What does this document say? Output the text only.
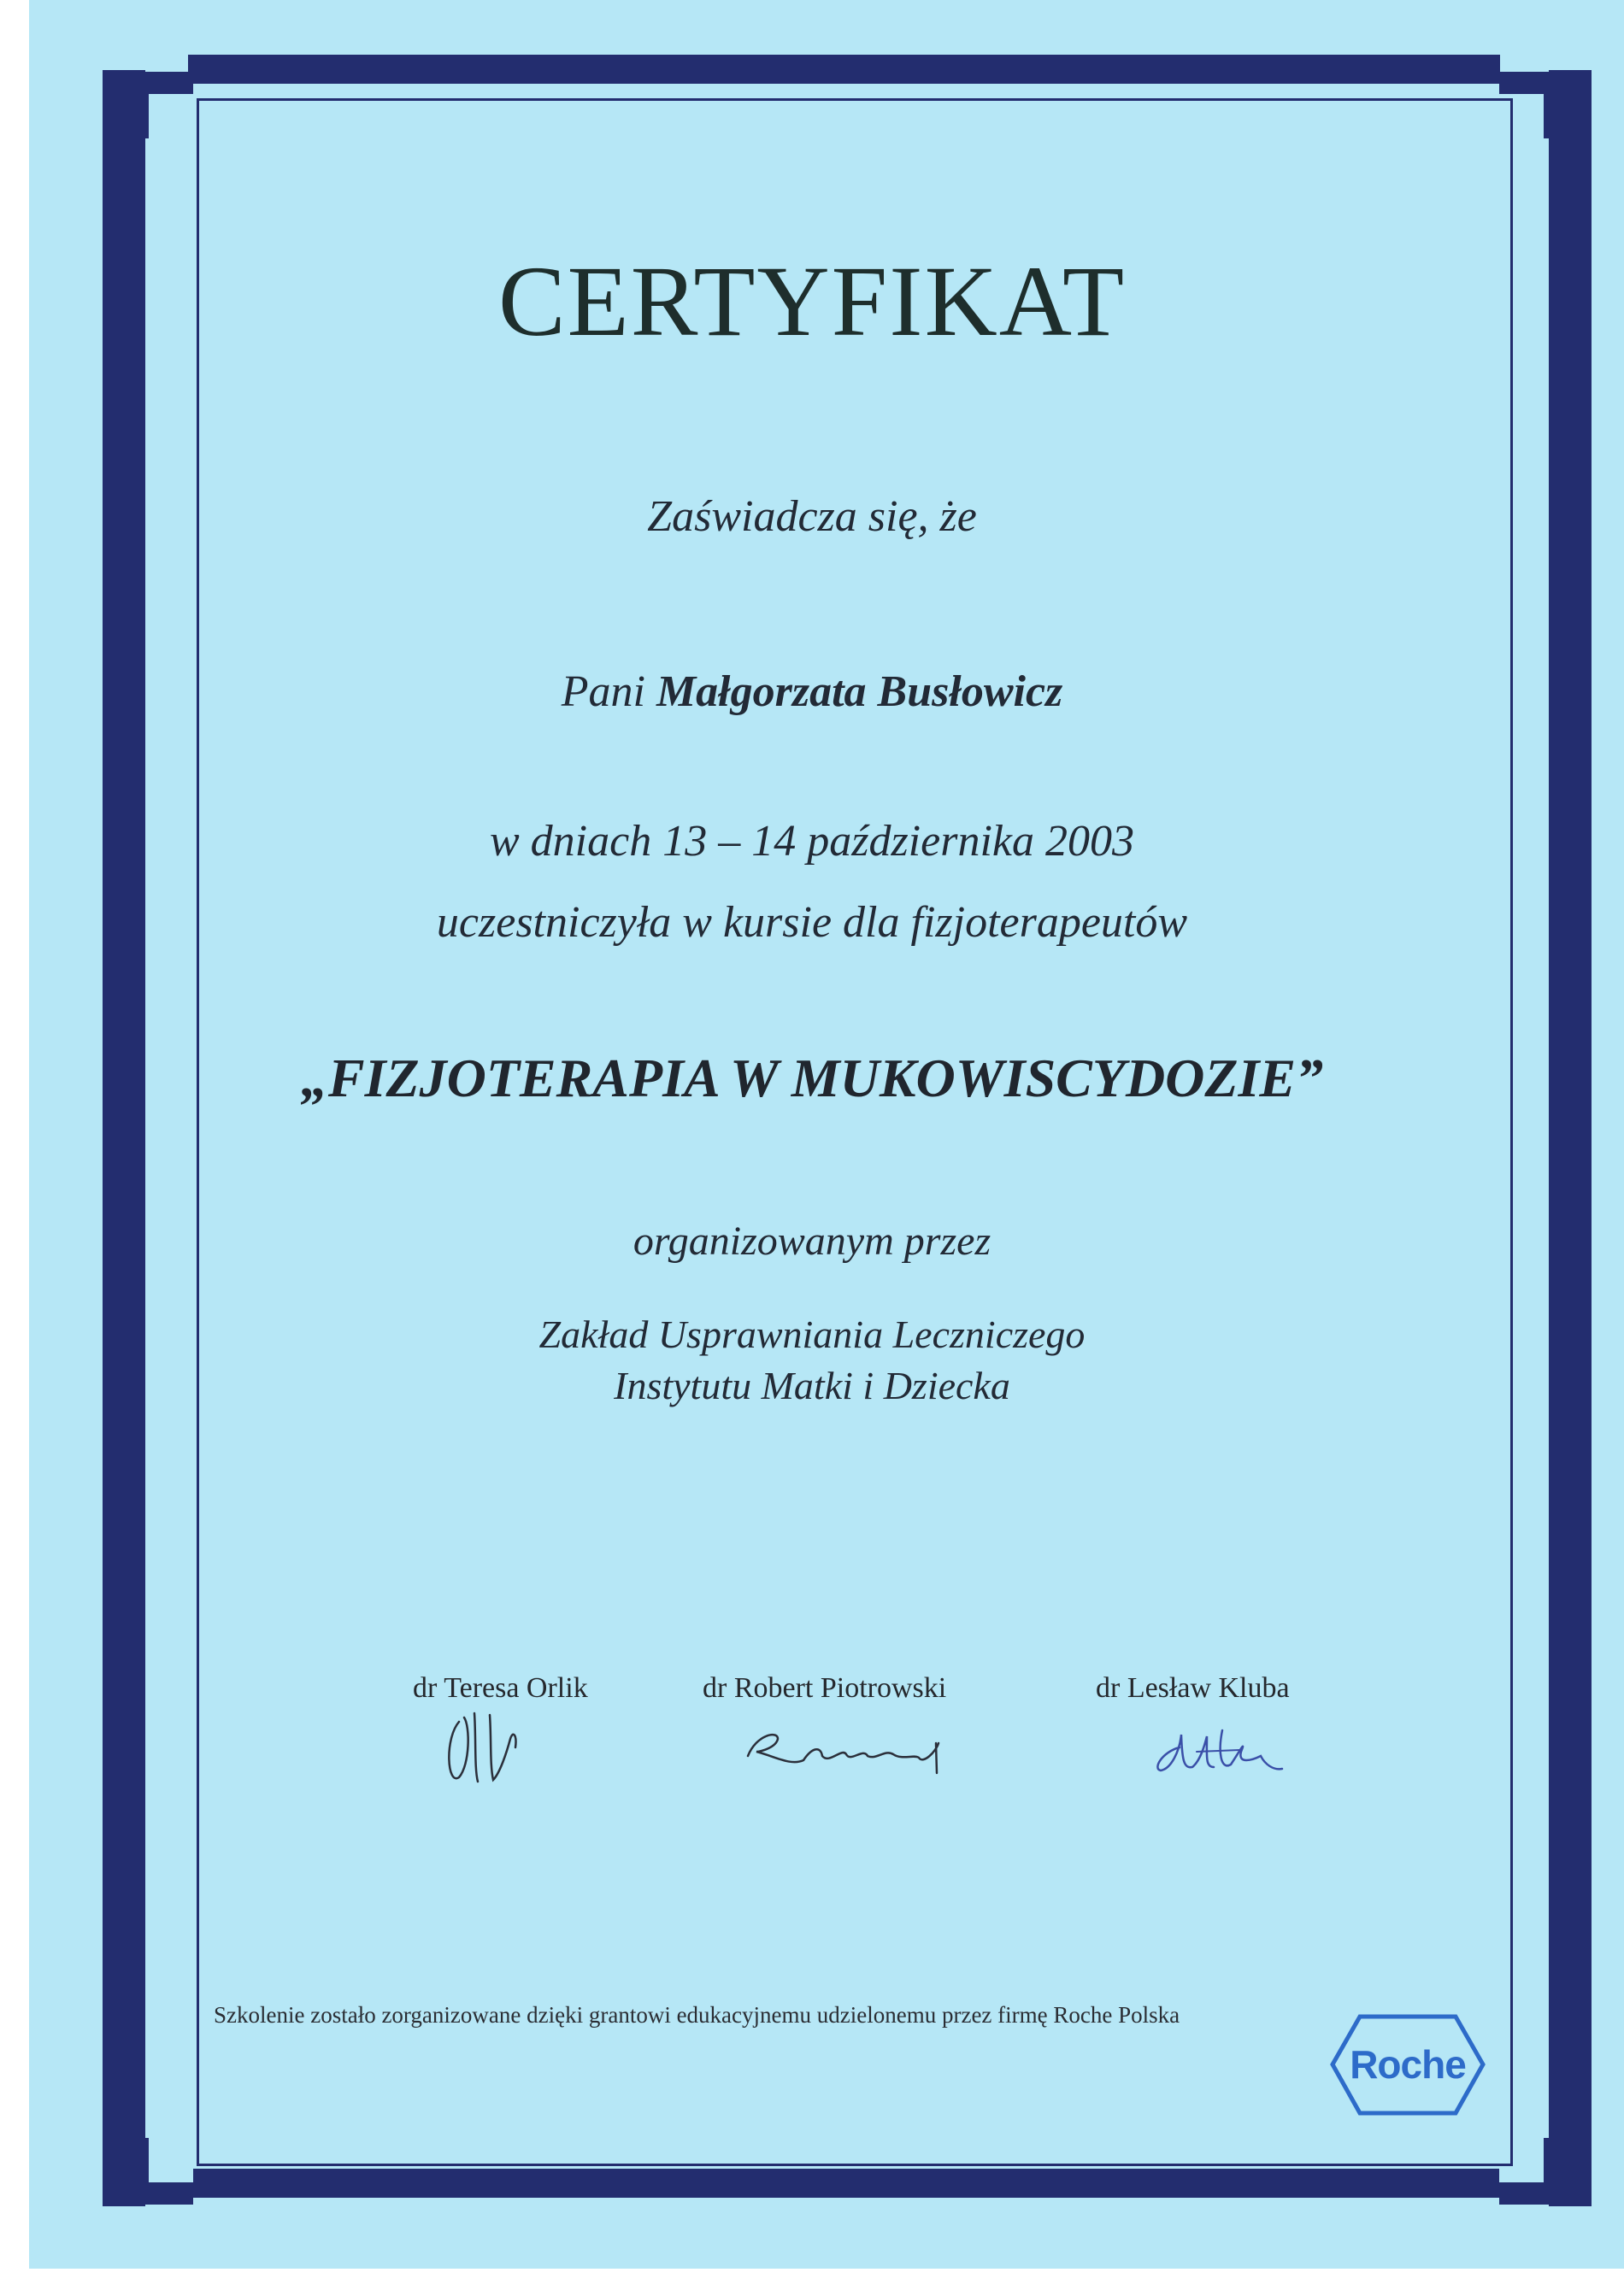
CERTYFIKAT
Zaświadcza się, że
Pani Małgorzata Busłowicz
w dniach 13 – 14 października 2003
uczestniczyła w kursie dla fizjoterapeutów
„FIZJOTERAPIA W MUKOWISCYDOZIE”
organizowanym przez
Zakład Usprawniania Leczniczego
Instytutu Matki i Dziecka
dr Teresa Orlik	dr Robert Piotrowski	dr Lesław Kluba
Szkolenie zostało zorganizowane dzięki grantowi edukacyjnemu udzielonemu przez firmę Roche Polska
Roche
